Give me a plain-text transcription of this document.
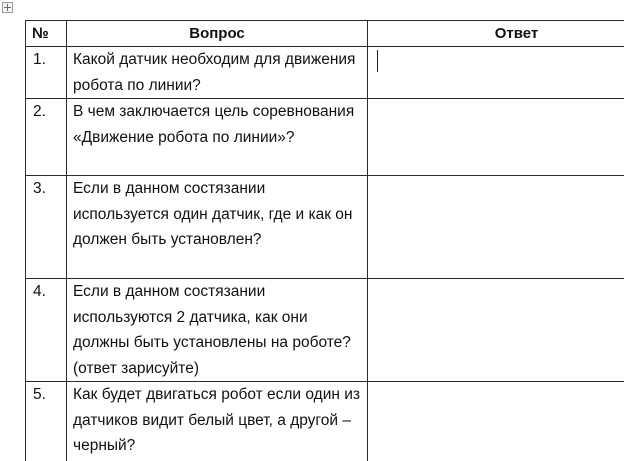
№	Вопрос	Ответ
1.	Какой датчик необходим для движения робота по линии?	

2.	В чем заключается цель соревнования «Движение робота по линии»?	
3.	Если в данном состязании используется один датчик, где и как он должен быть установлен?	
4.	Если в данном состязании используются 2 датчика, как они должны быть установлены на роботе? (ответ зарисуйте)	
5.	Как будет двигаться робот если один из датчиков видит белый цвет, а другой – черный?	
